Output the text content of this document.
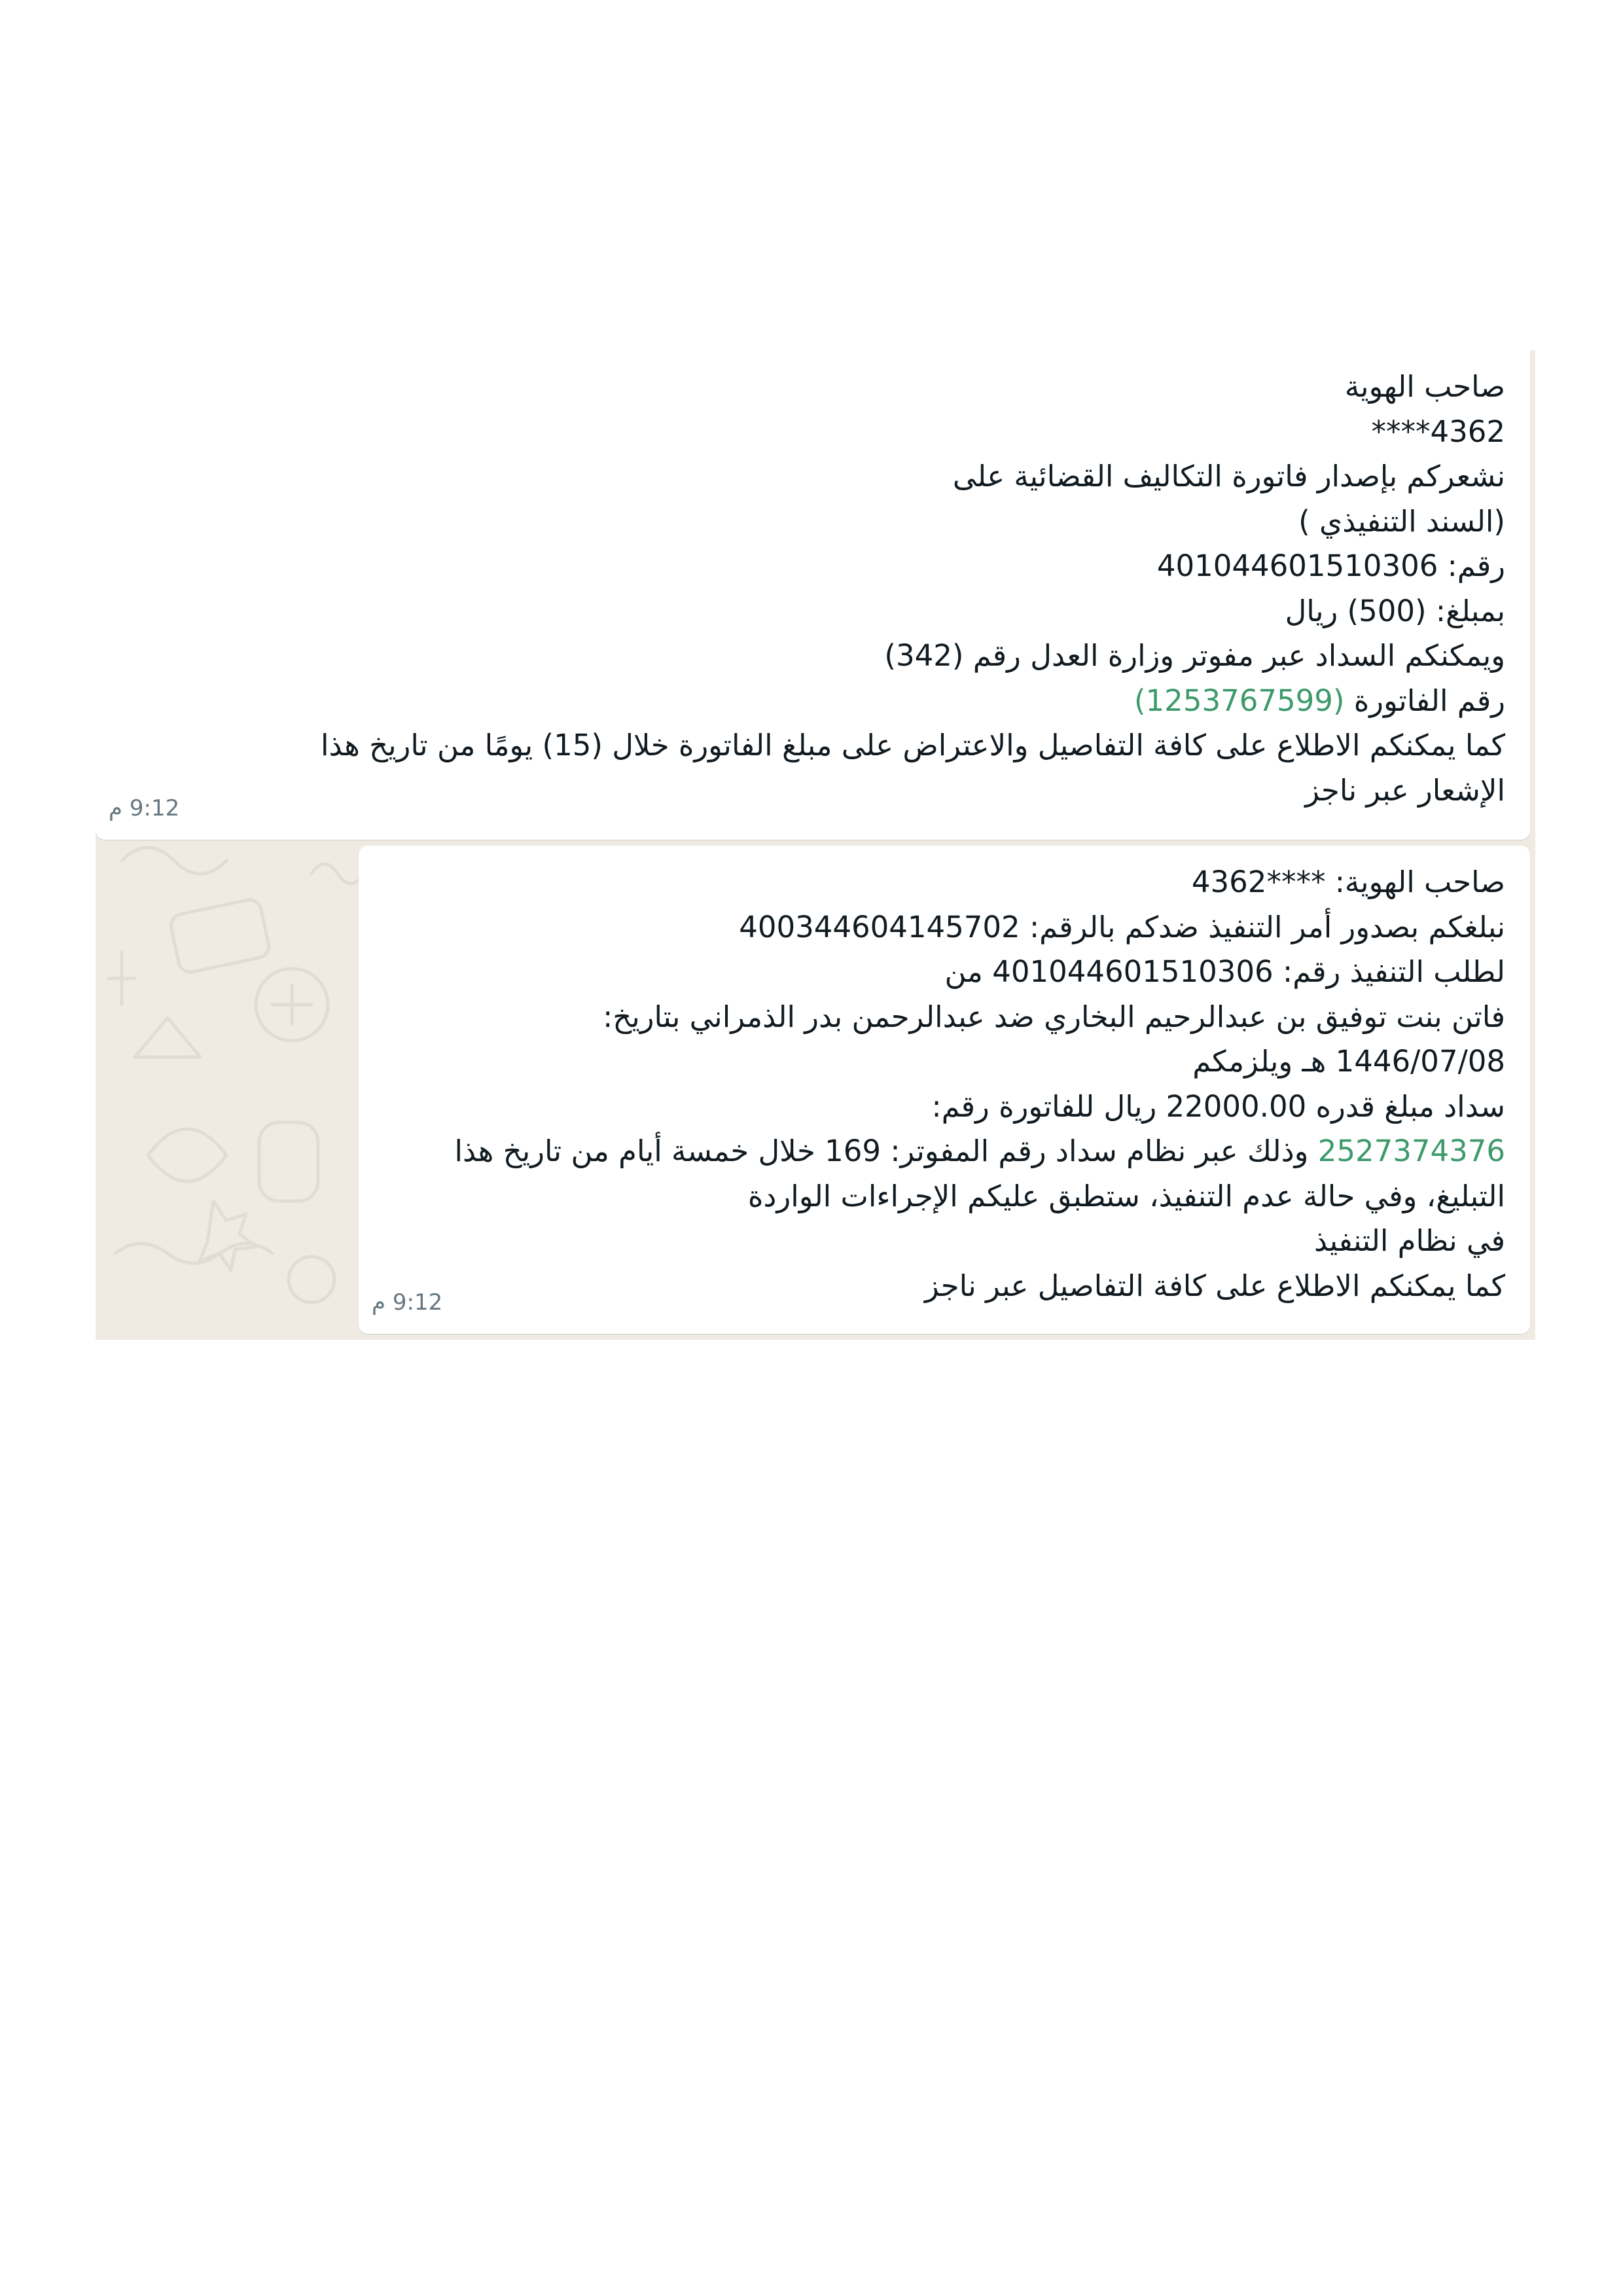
صاحب الهوية
****4362
نشعركم بإصدار فاتورة التكاليف القضائية على
(السند التنفيذي )
رقم: 401044601510306
بمبلغ: (500) ريال
ويمكنكم السداد عبر مفوتر وزارة العدل رقم (342)
رقم الفاتورة (1253767599)
كما يمكنكم الاطلاع على كافة التفاصيل والاعتراض على مبلغ الفاتورة خلال (15) يومًا من تاريخ هذا
الإشعار عبر ناجز
9:12 م
صاحب الهوية: ****4362
نبلغكم بصدور أمر التنفيذ ضدكم بالرقم: 400344604145702
لطلب التنفيذ رقم: 401044601510306 من
فاتن بنت توفيق بن عبدالرحيم البخاري ضد عبدالرحمن بدر الذمراني بتاريخ:
1446/07/08 هـ ويلزمكم
سداد مبلغ قدره 22000.00 ريال للفاتورة رقم:
2527374376 وذلك عبر نظام سداد رقم المفوتر: 169 خلال خمسة أيام من تاريخ هذا
التبليغ، وفي حالة عدم التنفيذ، ستطبق عليكم الإجراءات الواردة
في نظام التنفيذ
كما يمكنكم الاطلاع على كافة التفاصيل عبر ناجز
9:12 م
